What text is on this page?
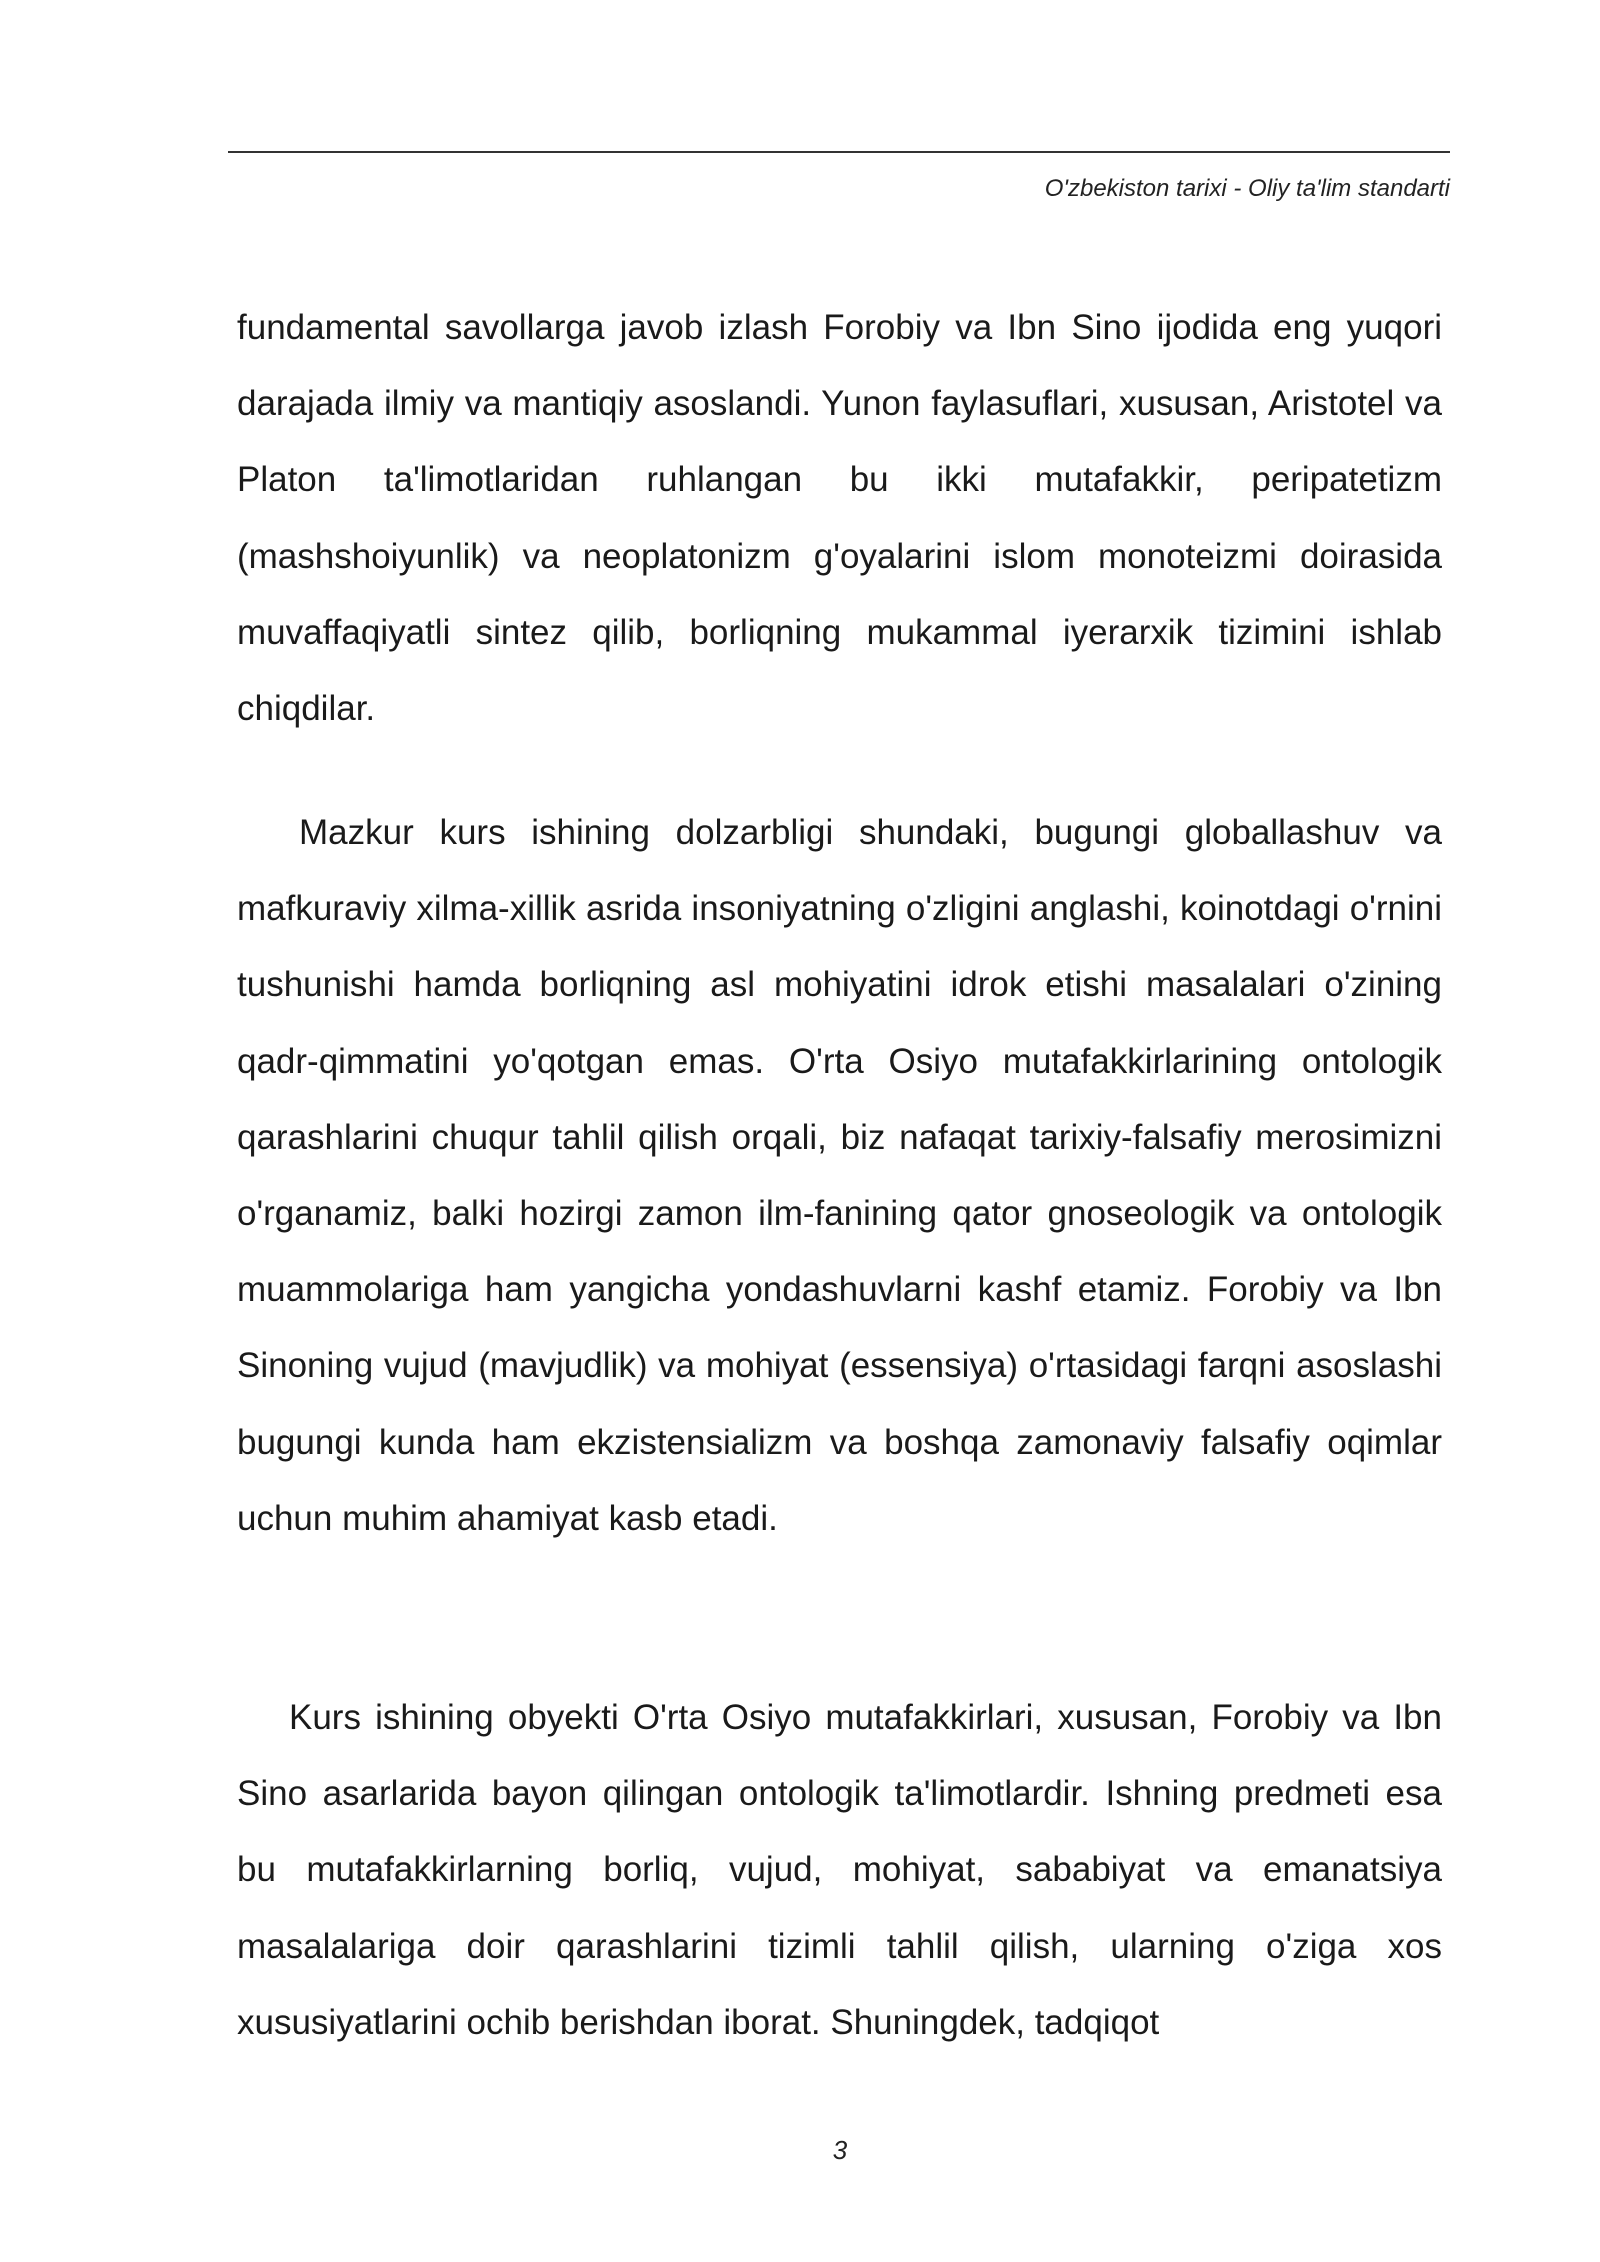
O'zbekiston tarixi - Oliy ta'lim standarti

fundamental savollarga javob izlash Forobiy va Ibn Sino ijodida eng yuqori darajada ilmiy va mantiqiy asoslandi. Yunon faylasuflari, xususan, Aristotel va Platon ta'limotlaridan ruhlangan bu ikki mutafakkir, peripatetizm (mashshoiyunlik) va neoplatonizm g'oyalarini islom monoteizmi doirasida muvaffaqiyatli sintez qilib, borliqning mukammal iyerarxik tizimini ishlab chiqdilar.

Mazkur kurs ishining dolzarbligi shundaki, bugungi globallashuv va mafkuraviy xilma-xillik asrida insoniyatning o'zligini anglashi, koinotdagi o'rnini tushunishi hamda borliqning asl mohiyatini idrok etishi masalalari o'zining qadr-qimmatini yo'qotgan emas. O'rta Osiyo mutafakkirlarining ontologik qarashlarini chuqur tahlil qilish orqali, biz nafaqat tarixiy-falsafiy merosimizni o'rganamiz, balki hozirgi zamon ilm-fanining qator gnoseologik va ontologik muammolariga ham yangicha yondashuvlarni kashf etamiz. Forobiy va Ibn Sinoning vujud (mavjudlik) va mohiyat (essensiya) o'rtasidagi farqni asoslashi bugungi kunda ham ekzistensializm va boshqa zamonaviy falsafiy oqimlar uchun muhim ahamiyat kasb etadi.

Kurs ishining obyekti O'rta Osiyo mutafakkirlari, xususan, Forobiy va Ibn Sino asarlarida bayon qilingan ontologik ta'limotlardir. Ishning predmeti esa bu mutafakkirlarning borliq, vujud, mohiyat, sababiyat va emanatsiya masalalariga doir qarashlarini tizimli tahlil qilish, ularning o'ziga xos xususiyatlarini ochib berishdan iborat. Shuningdek, tadqiqot

3
